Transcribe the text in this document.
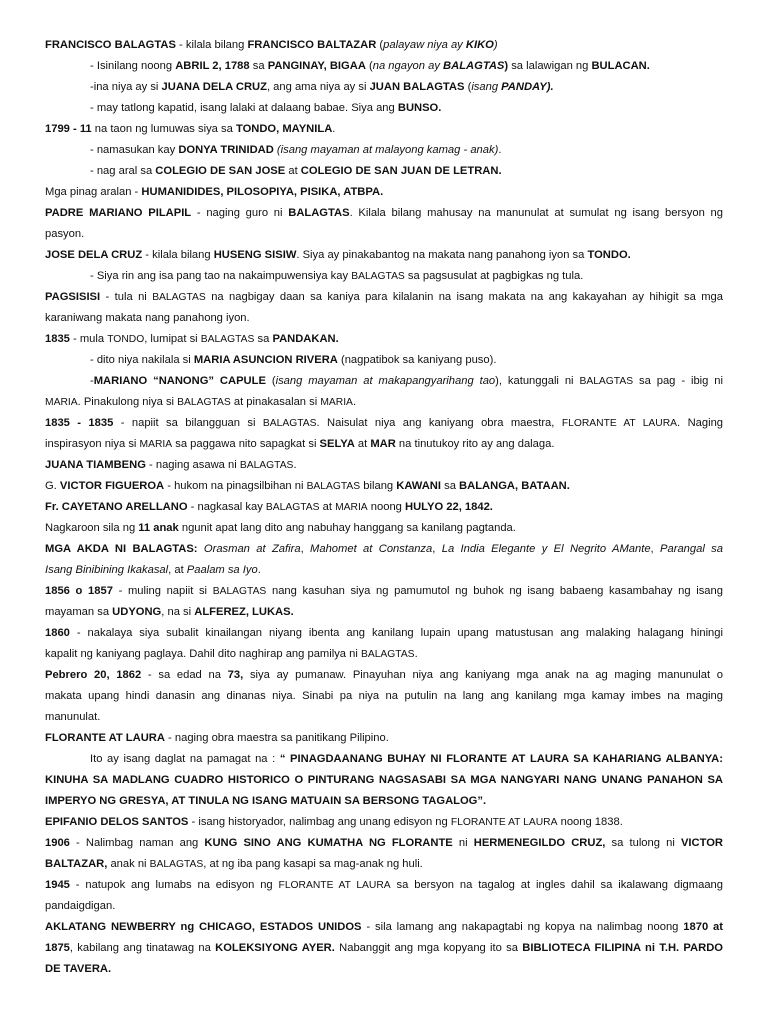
FRANCISCO BALAGTAS - kilala bilang FRANCISCO BALTAZAR (palayaw niya ay KIKO)
- Isinilang noong ABRIL 2, 1788 sa PANGINAY, BIGAA (na ngayon ay BALAGTAS) sa lalawigan ng BULACAN.
-ina niya ay si JUANA DELA CRUZ, ang ama niya ay si JUAN BALAGTAS (isang PANDAY).
- may tatlong kapatid, isang lalaki at dalaang babae. Siya ang BUNSO.
1799 - 11 na taon ng lumuwas siya sa TONDO, MAYNILA.
- namasukan kay DONYA TRINIDAD (isang mayaman at malayong kamag - anak).
- nag aral sa COLEGIO DE SAN JOSE at COLEGIO DE SAN JUAN DE LETRAN.
Mga pinag aralan - HUMANIDIDES, PILOSOPIYA, PISIKA, ATBPA.
PADRE MARIANO PILAPIL - naging guro ni BALAGTAS. Kilala bilang mahusay na manunulat at sumulat ng isang bersyon ng
pasyon.
JOSE DELA CRUZ - kilala bilang HUSENG SISIW. Siya ay pinakabantog na makata nang panahong iyon sa TONDO.
- Siya rin ang isa pang tao na nakaimpuwensiya kay BALAGTAS sa pagsusulat at pagbigkas ng tula.
PAGSISISI - tula ni BALAGTAS na nagbigay daan sa kaniya para kilalanin na isang makata na ang kakayahan ay hihigit sa mga
karaniwang makata nang panahong iyon.
1835 - mula TONDO, lumipat si BALAGTAS sa PANDAKAN.
- dito niya nakilala si MARIA ASUNCION RIVERA (nagpatibok sa kaniyang puso).
-MARIANO “NANONG” CAPULE (isang mayaman at makapangyarihang tao), katunggali ni BALAGTAS sa pag - ibig ni
MARIA. Pinakulong niya si BALAGTAS at pinakasalan si MARIA.
1835 - 1835 - napiit sa bilangguan si BALAGTAS. Naisulat niya ang kaniyang obra maestra, FLORANTE AT LAURA. Naging
inspirasyon niya si MARIA sa paggawa nito sapagkat si SELYA at MAR na tinutukoy rito ay ang dalaga.
JUANA TIAMBENG - naging asawa ni BALAGTAS.
G. VICTOR FIGUEROA - hukom na pinagsilbihan ni BALAGTAS bilang KAWANI sa BALANGA, BATAAN.
Fr. CAYETANO ARELLANO - nagkasal kay BALAGTAS at MARIA noong HULYO 22, 1842.
Nagkaroon sila ng 11 anak ngunit apat lang dito ang nabuhay hanggang sa kanilang pagtanda.
MGA AKDA NI BALAGTAS: Orasman at Zafira, Mahomet at Constanza, La India Elegante y El Negrito AMante, Parangal sa
Isang Binibining Ikakasal, at Paalam sa Iyo.
1856 o 1857 - muling napiit si BALAGTAS nang kasuhan siya ng pamumutol ng buhok ng isang babaeng kasambahay ng isang
mayaman sa UDYONG, na si ALFEREZ, LUKAS.
1860 - nakalaya siya subalit kinailangan niyang ibenta ang kanilang lupain upang matustusan ang malaking halagang hiningi
kapalit ng kaniyang paglaya. Dahil dito naghirap ang pamilya ni BALAGTAS.
Pebrero 20, 1862 - sa edad na 73, siya ay pumanaw. Pinayuhan niya ang kaniyang mga anak na ag maging manunulat o
makata upang hindi danasin ang dinanas niya. Sinabi pa niya na putulin na lang ang kanilang mga kamay imbes na maging
manunulat.
FLORANTE AT LAURA - naging obra maestra sa panitikang Pilipino.
Ito ay isang daglat na pamagat na : “ PINAGDAANANG BUHAY NI FLORANTE AT LAURA SA KAHARIANG ALBANYA:
KINUHA SA MADLANG CUADRO HISTORICO O PINTURANG NAGSASABI SA MGA NANGYARI NANG UNANG PANAHON SA
IMPERYO NG GRESYA, AT TINULA NG ISANG MATUAIN SA BERSONG TAGALOG”.
EPIFANIO DELOS SANTOS - isang historyador, nalimbag ang unang edisyon ng FLORANTE AT LAURA noong 1838.
1906 - Nalimbag naman ang KUNG SINO ANG KUMATHA NG FLORANTE ni HERMENEGILDO CRUZ, sa tulong ni VICTOR
BALTAZAR, anak ni BALAGTAS, at ng iba pang kasapi sa mag-anak ng huli.
1945 - natupok ang lumabs na edisyon ng FLORANTE AT LAURA sa bersyon na tagalog at ingles dahil sa ikalawang digmaang
pandaigdigan.
AKLATANG NEWBERRY ng CHICAGO, ESTADOS UNIDOS - sila lamang ang nakapagtabi ng kopya na nalimbag noong 1870 at
1875, kabilang ang tinatawag na KOLEKSIYONG AYER. Nabanggit ang mga kopyang ito sa BIBLIOTECA FILIPINA ni T.H. PARDO
DE TAVERA.
